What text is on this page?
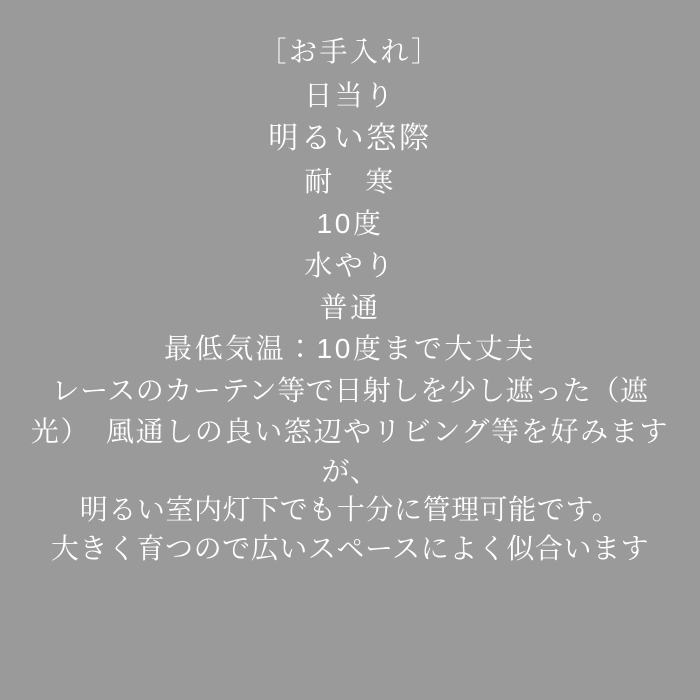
［お手入れ］
日当り
明るい窓際
耐　寒
10度
水やり
普通
最低気温：10度まで大丈夫
レースのカーテン等で日射しを少し遮った（遮
光）　風通しの良い窓辺やリビング等を好みます
が、
明るい室内灯下でも十分に管理可能です。
大きく育つので広いスペースによく似合います
